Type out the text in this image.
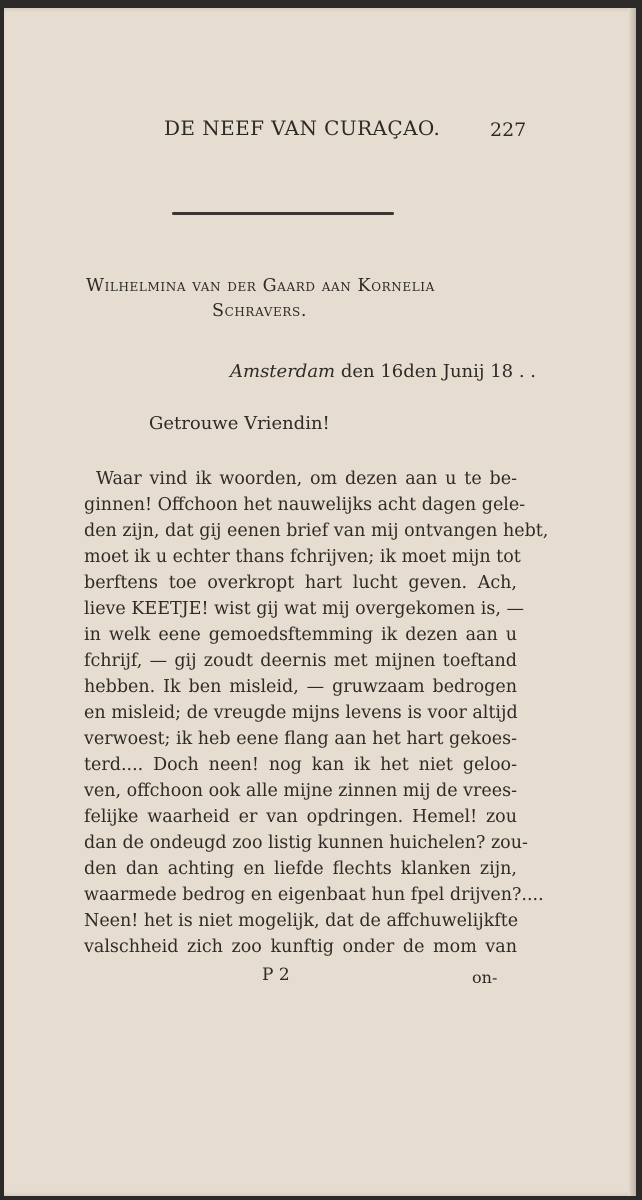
DE NEEF VAN CURAÇAO.	227
Wilhelmina van der Gaard aan Kornelia
Schravers.
Amsterdam den 16den Junij 18 . .
Getrouwe Vriendin!
Waar vind ik woorden, om dezen aan u te be-
ginnen! Offchoon het nauwelijks acht dagen gele-
den zijn, dat gij eenen brief van mij ontvangen hebt,
moet ik u echter thans fchrijven; ik moet mijn tot
berftens toe overkropt hart lucht geven. Ach,
lieve KEETJE! wist gij wat mij overgekomen is, —
in welk eene gemoedsftemming ik dezen aan u
fchrijf, — gij zoudt deernis met mijnen toeftand
hebben. Ik ben misleid, — gruwzaam bedrogen
en misleid; de vreugde mijns levens is voor altijd
verwoest; ik heb eene flang aan het hart gekoes-
terd.... Doch neen! nog kan ik het niet geloo-
ven, offchoon ook alle mijne zinnen mij de vrees-
felijke waarheid er van opdringen. Hemel! zou
dan de ondeugd zoo listig kunnen huichelen? zou-
den dan achting en liefde flechts klanken zijn,
waarmede bedrog en eigenbaat hun fpel drijven?....
Neen! het is niet mogelijk, dat de affchuwelijkfte
valschheid zich zoo kunftig onder de mom van
P 2	on-
